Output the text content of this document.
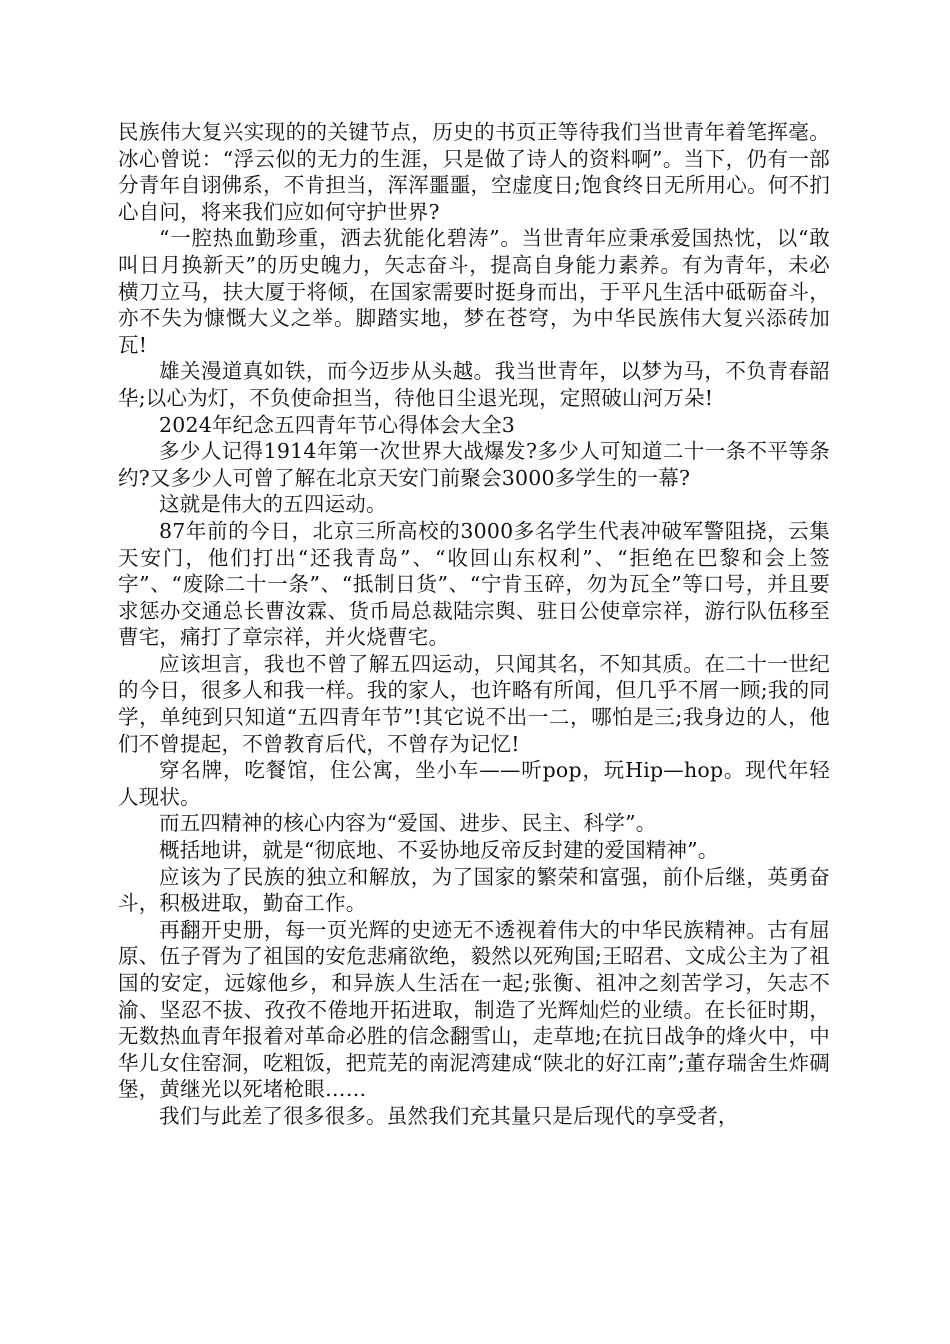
民族伟大复兴实现的的关键节点，历史的书页正等待我们当世青年着笔挥毫。冰心曾说：“浮云似的无力的生涯，只是做了诗人的资料啊”。当下，仍有一部分青年自诩佛系，不肯担当，浑浑噩噩，空虚度日;饱食终日无所用心。何不扪心自问，将来我们应如何守护世界?

“一腔热血勤珍重，洒去犹能化碧涛”。当世青年应秉承爱国热忱，以“敢叫日月换新天”的历史魄力，矢志奋斗，提高自身能力素养。有为青年，未必横刀立马，扶大厦于将倾，在国家需要时挺身而出，于平凡生活中砥砺奋斗，亦不失为慷慨大义之举。脚踏实地，梦在苍穹，为中华民族伟大复兴添砖加瓦!

雄关漫道真如铁，而今迈步从头越。我当世青年，以梦为马，不负青春韶华;以心为灯，不负使命担当，待他日尘退光现，定照破山河万朵!

2024年纪念五四青年节心得体会大全3

多少人记得1914年第一次世界大战爆发?多少人可知道二十一条不平等条约?又多少人可曾了解在北京天安门前聚会3000多学生的一幕?

这就是伟大的五四运动。

87年前的今日，北京三所高校的3000多名学生代表冲破军警阻挠，云集天安门，他们打出“还我青岛”、“收回山东权利”、“拒绝在巴黎和会上签字”、“废除二十一条”、“抵制日货”、“宁肯玉碎，勿为瓦全”等口号，并且要求惩办交通总长曹汝霖、货币局总裁陆宗舆、驻日公使章宗祥，游行队伍移至曹宅，痛打了章宗祥，并火烧曹宅。

应该坦言，我也不曾了解五四运动，只闻其名，不知其质。在二十一世纪的今日，很多人和我一样。我的家人，也许略有所闻，但几乎不屑一顾;我的同学，单纯到只知道“五四青年节”!其它说不出一二，哪怕是三;我身边的人，他们不曾提起，不曾教育后代，不曾存为记忆!

穿名牌，吃餐馆，住公寓，坐小车——听pop，玩Hip—hop。现代年轻人现状。

而五四精神的核心内容为“爱国、进步、民主、科学”。

概括地讲，就是“彻底地、不妥协地反帝反封建的爱国精神”。

应该为了民族的独立和解放，为了国家的繁荣和富强，前仆后继，英勇奋斗，积极进取，勤奋工作。

再翻开史册，每一页光辉的史迹无不透视着伟大的中华民族精神。古有屈原、伍子胥为了祖国的安危悲痛欲绝，毅然以死殉国;王昭君、文成公主为了祖国的安定，远嫁他乡，和异族人生活在一起;张衡、祖冲之刻苦学习，矢志不渝、坚忍不拔、孜孜不倦地开拓进取，制造了光辉灿烂的业绩。在长征时期，无数热血青年报着对革命必胜的信念翻雪山，走草地;在抗日战争的烽火中，中华儿女住窑洞，吃粗饭，把荒芜的南泥湾建成“陕北的好江南”;董存瑞舍生炸碉堡，黄继光以死堵枪眼……

我们与此差了很多很多。虽然我们充其量只是后现代的享受者，
